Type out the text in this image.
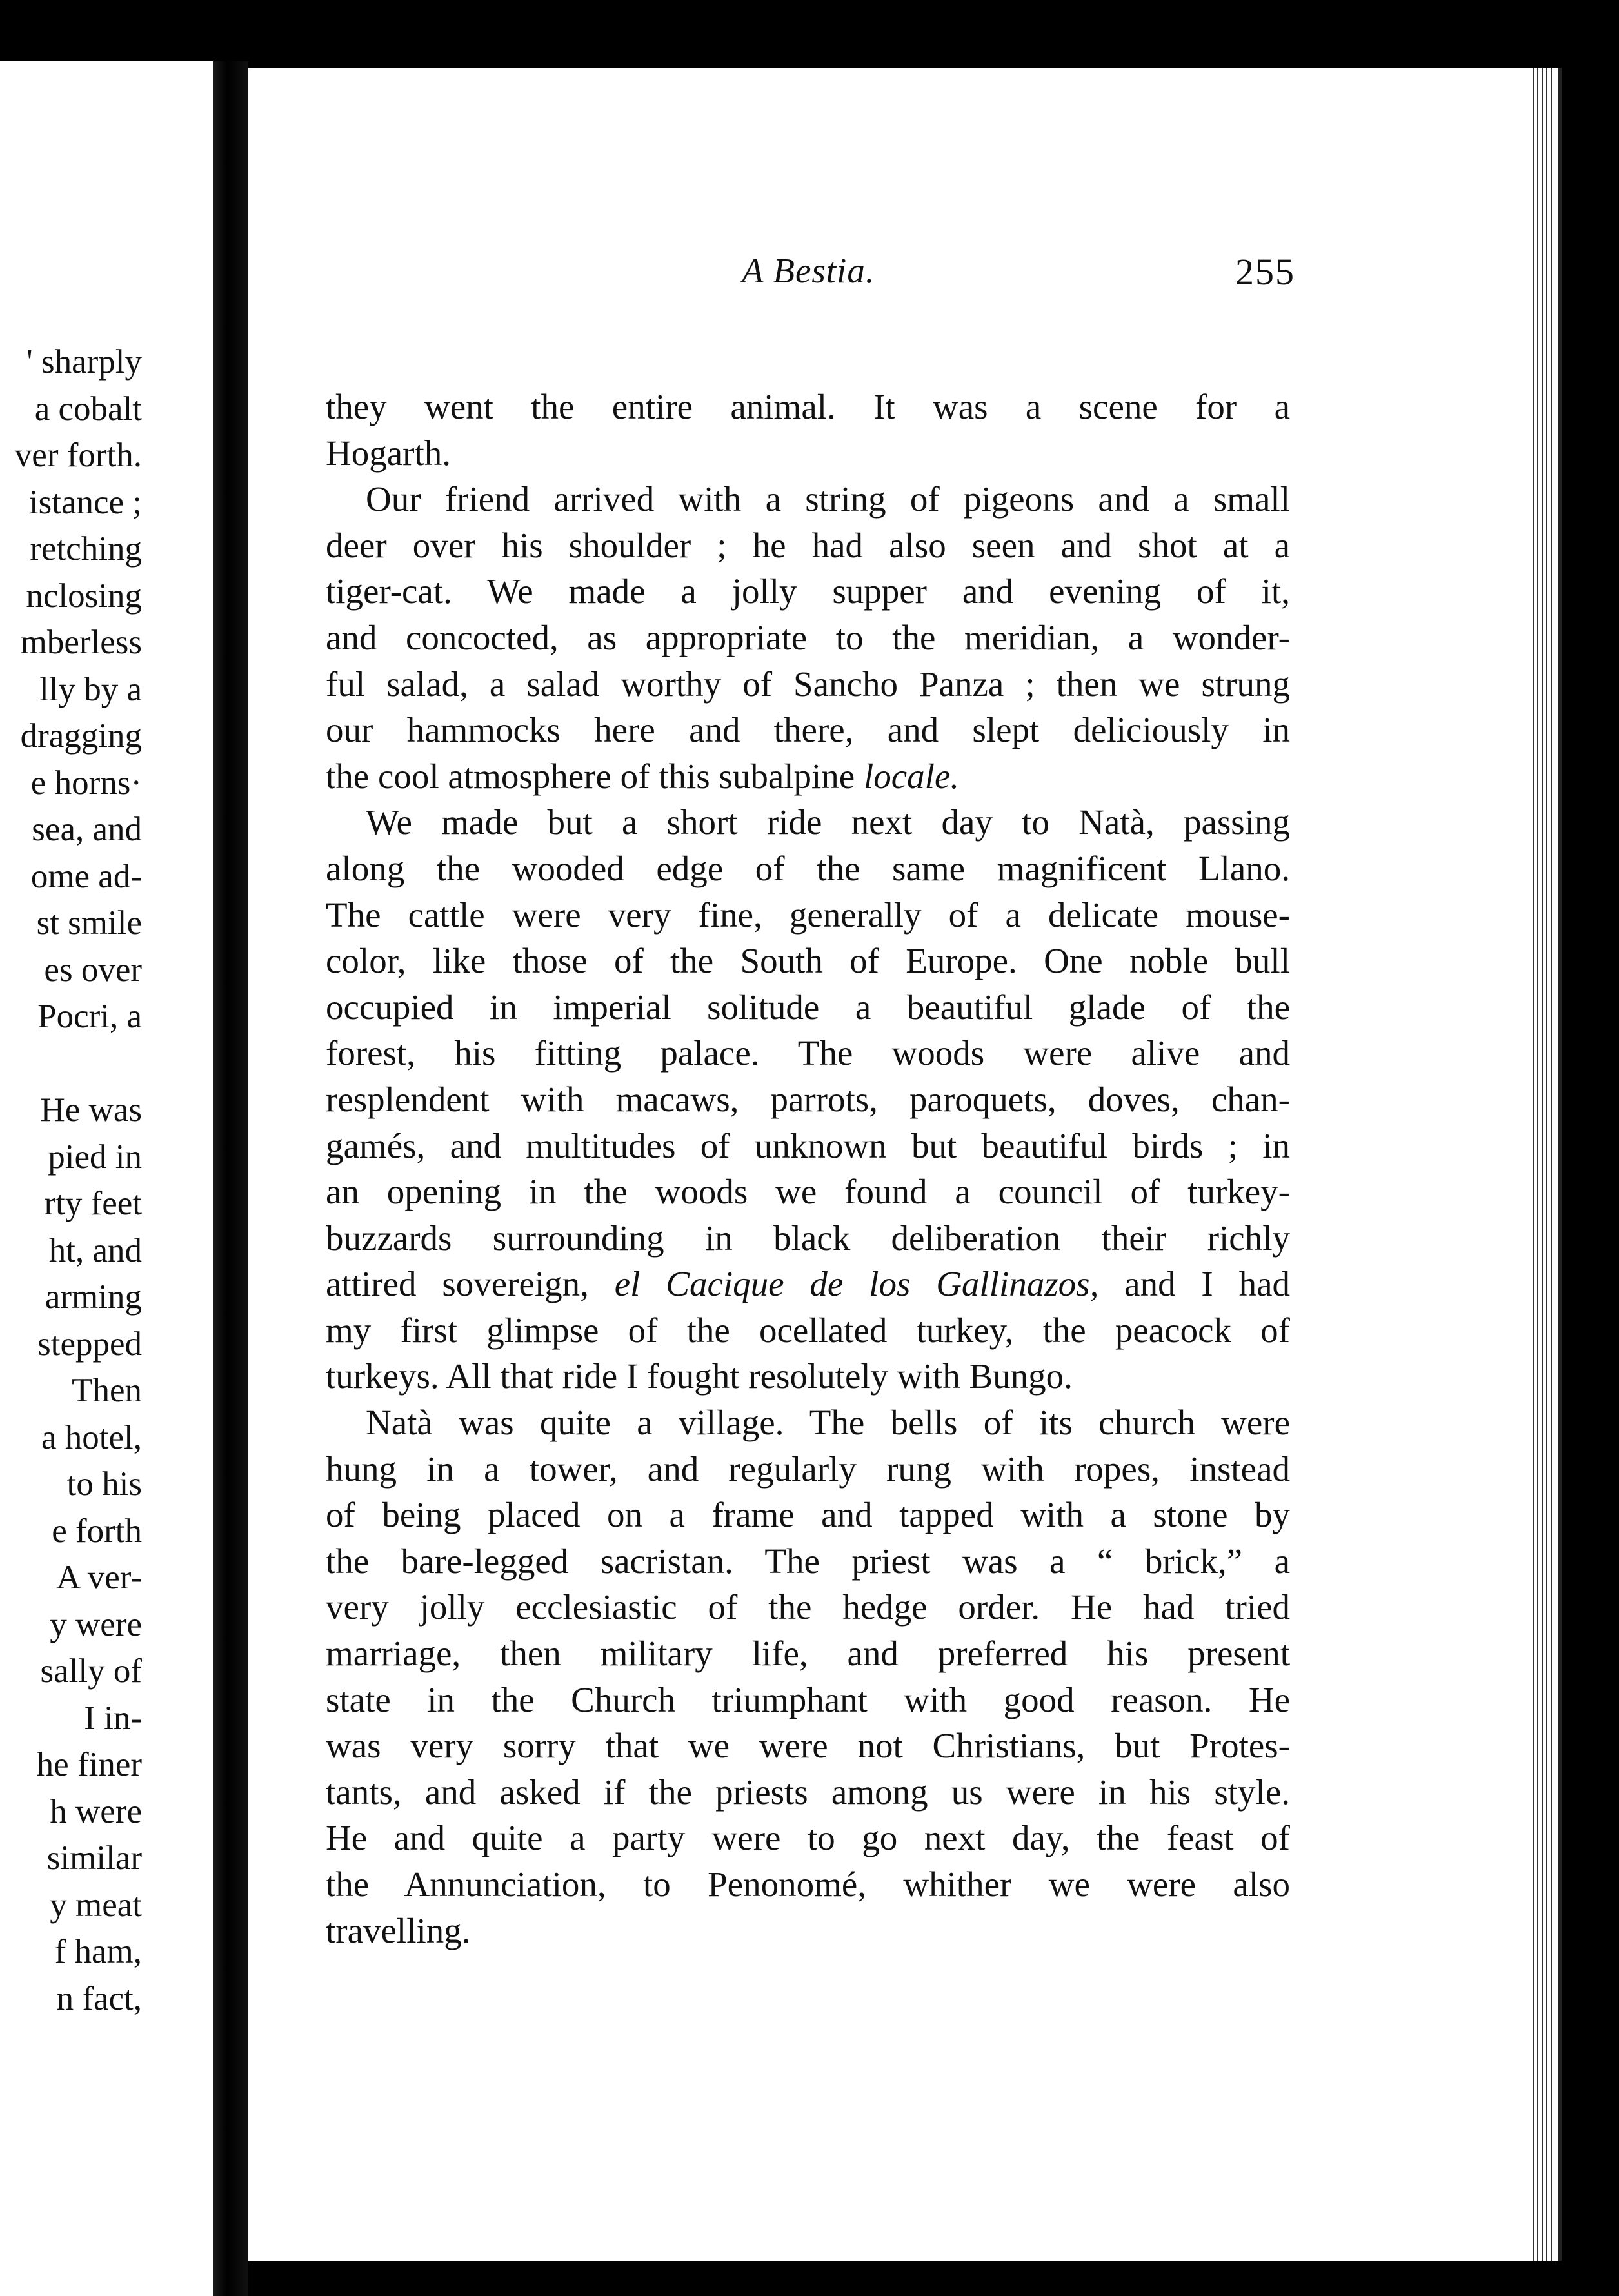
' sharply
a cobalt
ver forth.
istance ;
retching
nclosing
mberless
lly by a
dragging
e horns·
sea, and
ome ad-
st smile
es over
Pocri, a
He was
pied in
rty feet
ht, and
arming
stepped
Then
a hotel,
to his
e forth
A ver-
y were
sally of
I in-
he finer
h were
similar
y meat
f ham,
n fact,
A Bestia.	255
they went the entire animal. It was a scene for a
Hogarth.
Our friend arrived with a string of pigeons and a small
deer over his shoulder ; he had also seen and shot at a
tiger-cat. We made a jolly supper and evening of it,
and concocted, as appropriate to the meridian, a wonder-
ful salad, a salad worthy of Sancho Panza ; then we strung
our hammocks here and there, and slept deliciously in
the cool atmosphere of this subalpine locale.
We made but a short ride next day to Natà, passing
along the wooded edge of the same magnificent Llano.
The cattle were very fine, generally of a delicate mouse-
color, like those of the South of Europe. One noble bull
occupied in imperial solitude a beautiful glade of the
forest, his fitting palace. The woods were alive and
resplendent with macaws, parrots, paroquets, doves, chan-
gamés, and multitudes of unknown but beautiful birds ; in
an opening in the woods we found a council of turkey-
buzzards surrounding in black deliberation their richly
attired sovereign, el Cacique de los Gallinazos, and I had
my first glimpse of the ocellated turkey, the peacock of
turkeys. All that ride I fought resolutely with Bungo.
Natà was quite a village. The bells of its church were
hung in a tower, and regularly rung with ropes, instead
of being placed on a frame and tapped with a stone by
the bare-legged sacristan. The priest was a “ brick,” a
very jolly ecclesiastic of the hedge order. He had tried
marriage, then military life, and preferred his present
state in the Church triumphant with good reason. He
was very sorry that we were not Christians, but Protes-
tants, and asked if the priests among us were in his style.
He and quite a party were to go next day, the feast of
the Annunciation, to Penonomé, whither we were also
travelling.
